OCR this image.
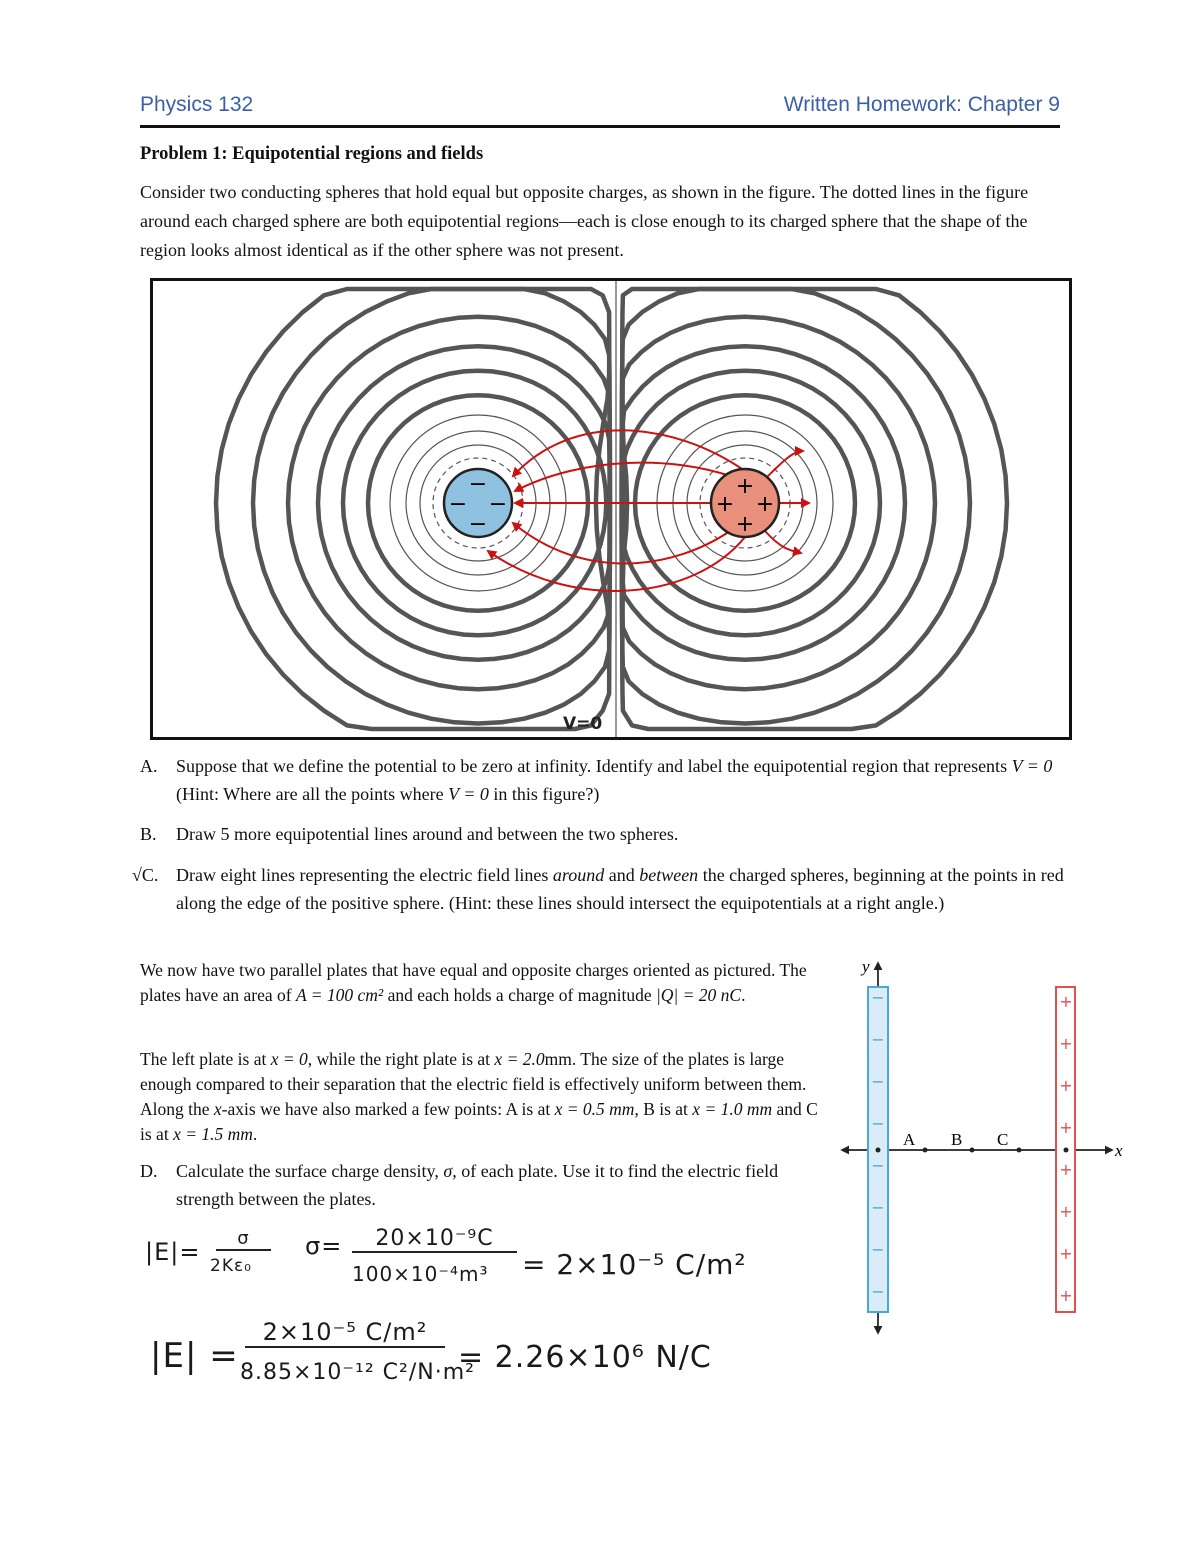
Physics 132	Written Homework: Chapter 9
Problem 1: Equipotential regions and fields
Consider two conducting spheres that hold equal but opposite charges, as shown in the figure. The dotted lines in the figure around each charged sphere are both equipotential regions—each is close enough to its charged sphere that the shape of the region looks almost identical as if the other sphere was not present.
−
− −
−
+
+ +
+
V=0
A. Suppose that we define the potential to be zero at infinity. Identify and label the equipotential region that represents V = 0 (Hint: Where are all the points where V = 0 in this figure?)
B. Draw 5 more equipotential lines around and between the two spheres.
√C. Draw eight lines representing the electric field lines around and between the charged spheres, beginning at the points in red along the edge of the positive sphere. (Hint: these lines should intersect the equipotentials at a right angle.)
We now have two parallel plates that have equal and opposite charges oriented as pictured. The plates have an area of A = 100 cm² and each holds a charge of magnitude |Q| = 20 nC.
The left plate is at x = 0, while the right plate is at x = 2.0mm. The size of the plates is large enough compared to their separation that the electric field is effectively uniform between them. Along the x-axis we have also marked a few points: A is at x = 0.5 mm, B is at x = 1.0 mm and C is at x = 1.5 mm.
D. Calculate the surface charge density, σ, of each plate. Use it to find the electric field strength between the plates.
y
x
−
−
−
−
−
−
−
−
+
+
+
+
+
+
+
+
A B C
|E|=	σ
2Kε₀
σ=	20×10⁻⁹C
100×10⁻⁴m³ = 2×10⁻⁵ C/m²
|E| =
2×10⁻⁵ C/m²
8.85×10⁻¹² C²/N·m²
= 2.26×10⁶ N/C
